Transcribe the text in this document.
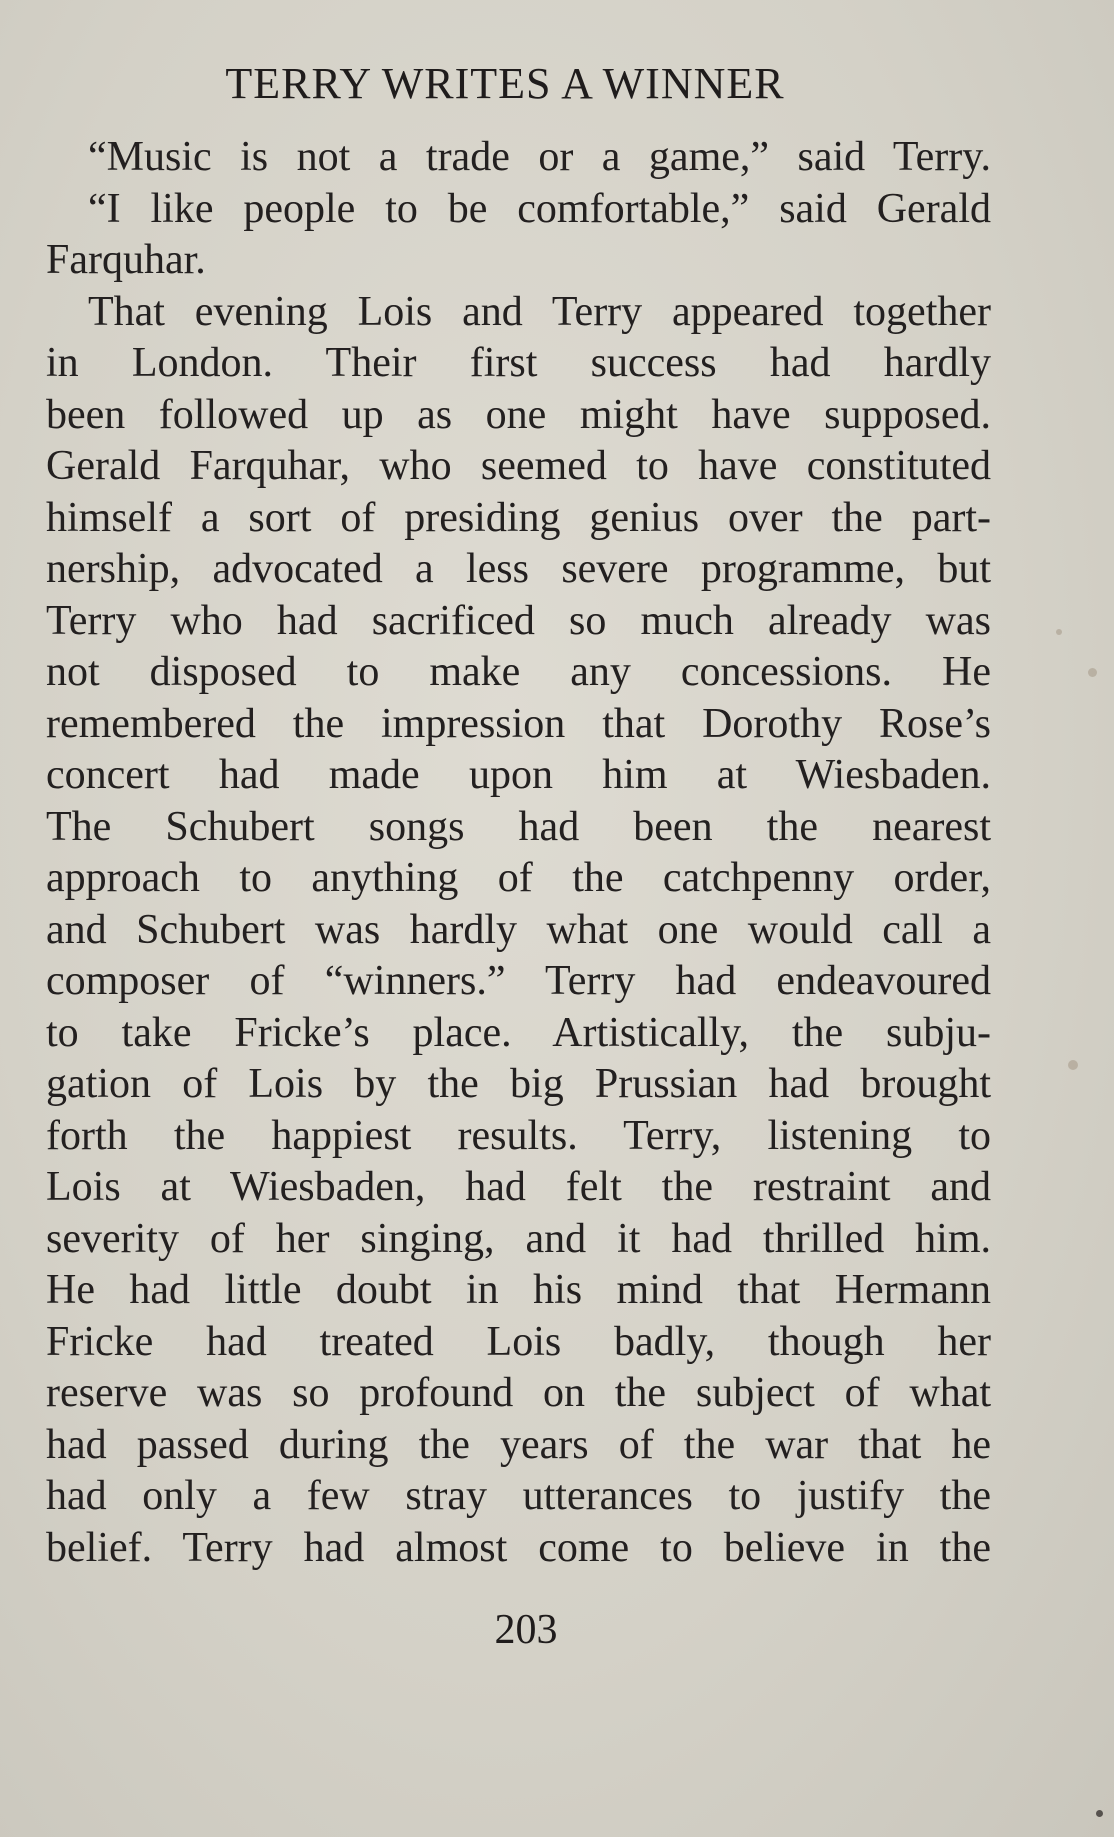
TERRY WRITES A WINNER
“Music is not a trade or a game,” said Terry.
“I like people to be comfortable,” said Gerald
Farquhar.
That evening Lois and Terry appeared together
in London. Their first success had hardly
been followed up as one might have supposed.
Gerald Farquhar, who seemed to have constituted
himself a sort of presiding genius over the part-
nership, advocated a less severe programme, but
Terry who had sacrificed so much already was
not disposed to make any concessions. He
remembered the impression that Dorothy Rose’s
concert had made upon him at Wiesbaden.
The Schubert songs had been the nearest
approach to anything of the catchpenny order,
and Schubert was hardly what one would call a
composer of “winners.” Terry had endeavoured
to take Fricke’s place. Artistically, the subju-
gation of Lois by the big Prussian had brought
forth the happiest results. Terry, listening to
Lois at Wiesbaden, had felt the restraint and
severity of her singing, and it had thrilled him.
He had little doubt in his mind that Hermann
Fricke had treated Lois badly, though her
reserve was so profound on the subject of what
had passed during the years of the war that he
had only a few stray utterances to justify the
belief. Terry had almost come to believe in the
203
